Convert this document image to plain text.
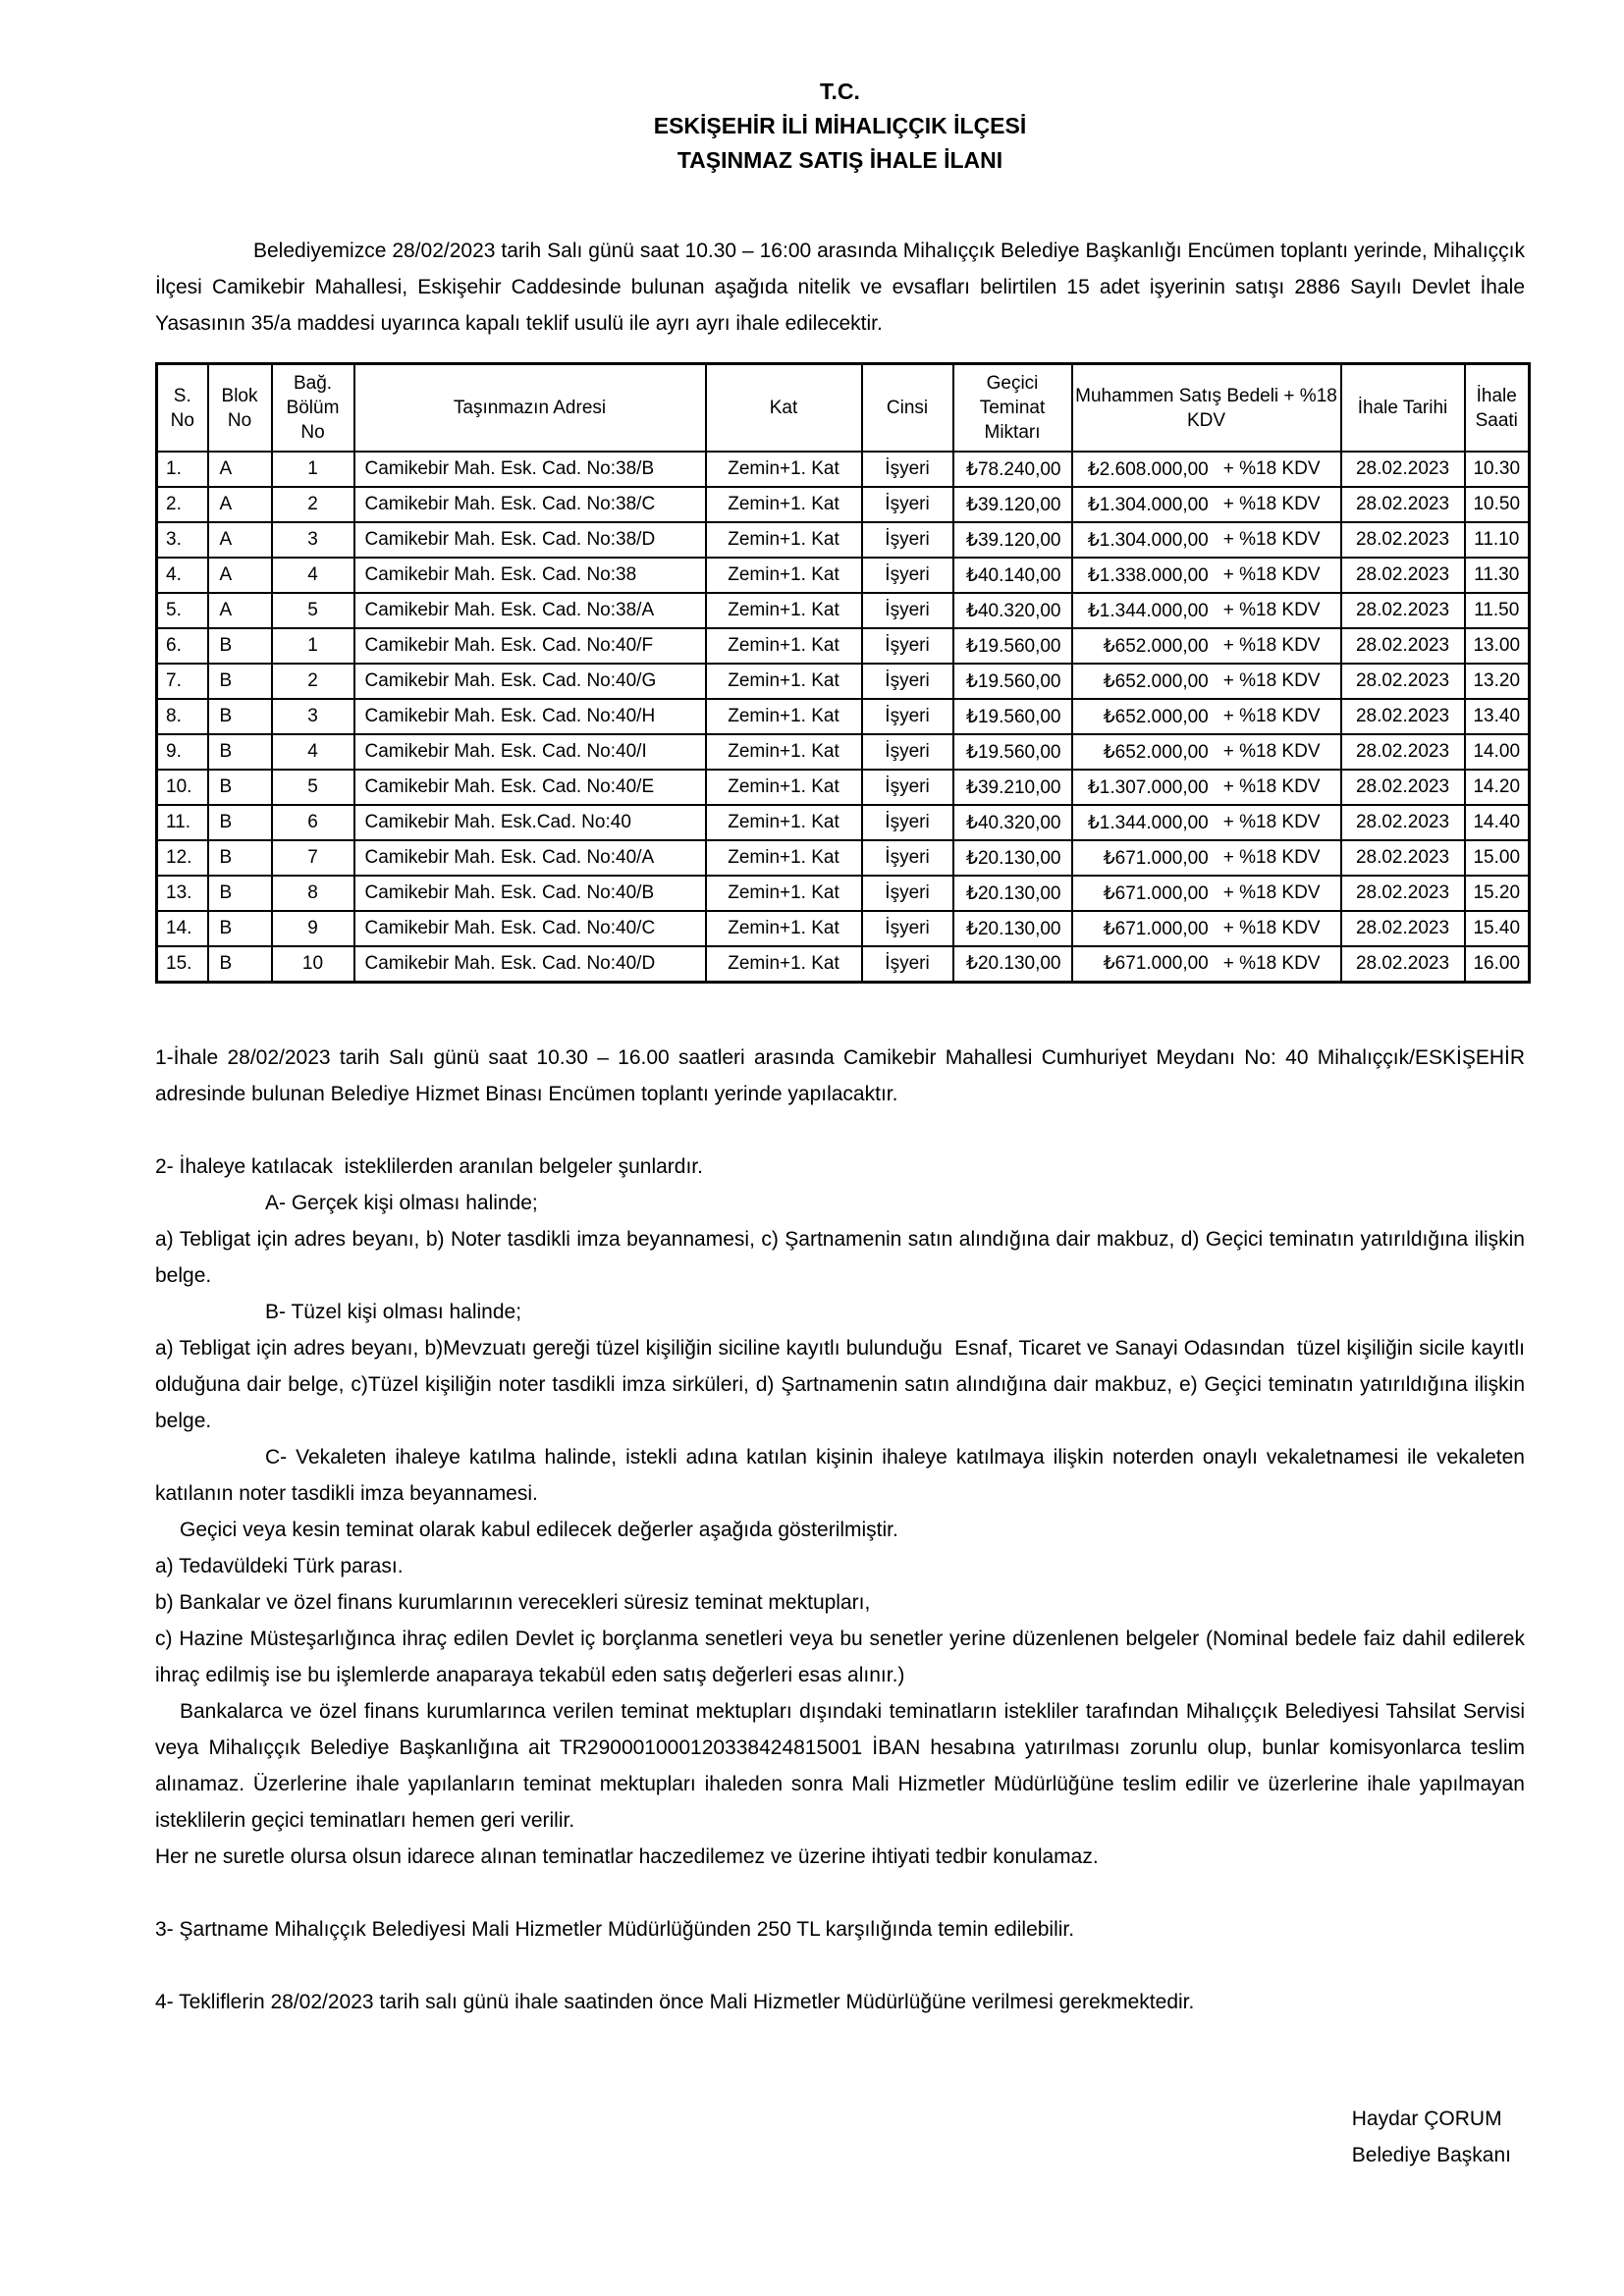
T.C.
ESKİŞEHİR İLİ MİHALIÇÇIK İLÇESİ
TAŞINMAZ SATIŞ İHALE İLANI

Belediyemizce 28/02/2023 tarih Salı günü saat 10.30 – 16:00 arasında Mihalıççık Belediye Başkanlığı Encümen toplantı yerinde, Mihalıççık İlçesi Camikebir Mahallesi, Eskişehir Caddesinde bulunan aşağıda nitelik ve evsafları belirtilen 15 adet işyerinin satışı 2886 Sayılı Devlet İhale Yasasının 35/a maddesi uyarınca kapalı teklif usulü ile ayrı ayrı ihale edilecektir.

S. No	Blok No	Bağ. Bölüm No	Taşınmazın Adresi	Kat	Cinsi	Geçici Teminat Miktarı	Muhammen Satış Bedeli + %18 KDV	İhale Tarihi	İhale Saati
1.	A	1	Camikebir Mah. Esk. Cad. No:38/B	Zemin+1. Kat	İşyeri	₺78.240,00	₺2.608.000,00 + %18 KDV	28.02.2023	10.30
2.	A	2	Camikebir Mah. Esk. Cad. No:38/C	Zemin+1. Kat	İşyeri	₺39.120,00	₺1.304.000,00 + %18 KDV	28.02.2023	10.50
3.	A	3	Camikebir Mah. Esk. Cad. No:38/D	Zemin+1. Kat	İşyeri	₺39.120,00	₺1.304.000,00 + %18 KDV	28.02.2023	11.10
4.	A	4	Camikebir Mah. Esk. Cad. No:38	Zemin+1. Kat	İşyeri	₺40.140,00	₺1.338.000,00 + %18 KDV	28.02.2023	11.30
5.	A	5	Camikebir Mah. Esk. Cad. No:38/A	Zemin+1. Kat	İşyeri	₺40.320,00	₺1.344.000,00 + %18 KDV	28.02.2023	11.50
6.	B	1	Camikebir Mah. Esk. Cad. No:40/F	Zemin+1. Kat	İşyeri	₺19.560,00	₺652.000,00 + %18 KDV	28.02.2023	13.00
7.	B	2	Camikebir Mah. Esk. Cad. No:40/G	Zemin+1. Kat	İşyeri	₺19.560,00	₺652.000,00 + %18 KDV	28.02.2023	13.20
8.	B	3	Camikebir Mah. Esk. Cad. No:40/H	Zemin+1. Kat	İşyeri	₺19.560,00	₺652.000,00 + %18 KDV	28.02.2023	13.40
9.	B	4	Camikebir Mah. Esk. Cad. No:40/I	Zemin+1. Kat	İşyeri	₺19.560,00	₺652.000,00 + %18 KDV	28.02.2023	14.00
10.	B	5	Camikebir Mah. Esk. Cad. No:40/E	Zemin+1. Kat	İşyeri	₺39.210,00	₺1.307.000,00 + %18 KDV	28.02.2023	14.20
11.	B	6	Camikebir Mah. Esk.Cad. No:40	Zemin+1. Kat	İşyeri	₺40.320,00	₺1.344.000,00 + %18 KDV	28.02.2023	14.40
12.	B	7	Camikebir Mah. Esk. Cad. No:40/A	Zemin+1. Kat	İşyeri	₺20.130,00	₺671.000,00 + %18 KDV	28.02.2023	15.00
13.	B	8	Camikebir Mah. Esk. Cad. No:40/B	Zemin+1. Kat	İşyeri	₺20.130,00	₺671.000,00 + %18 KDV	28.02.2023	15.20
14.	B	9	Camikebir Mah. Esk. Cad. No:40/C	Zemin+1. Kat	İşyeri	₺20.130,00	₺671.000,00 + %18 KDV	28.02.2023	15.40
15.	B	10	Camikebir Mah. Esk. Cad. No:40/D	Zemin+1. Kat	İşyeri	₺20.130,00	₺671.000,00 + %18 KDV	28.02.2023	16.00
1-İhale 28/02/2023 tarih Salı günü saat 10.30 – 16.00 saatleri arasında Camikebir Mahallesi Cumhuriyet Meydanı No: 40 Mihalıççık/ESKİŞEHİR adresinde bulunan Belediye Hizmet Binası Encümen toplantı yerinde yapılacaktır.
2- İhaleye katılacak  isteklilerden aranılan belgeler şunlardır.
A- Gerçek kişi olması halinde;
a) Tebligat için adres beyanı, b) Noter tasdikli imza beyannamesi, c) Şartnamenin satın alındığına dair makbuz, d) Geçici teminatın yatırıldığına ilişkin belge.
B- Tüzel kişi olması halinde;
a) Tebligat için adres beyanı, b)Mevzuatı gereği tüzel kişiliğin siciline kayıtlı bulunduğu  Esnaf, Ticaret ve Sanayi Odasından  tüzel kişiliğin sicile kayıtlı olduğuna dair belge, c)Tüzel kişiliğin noter tasdikli imza sirküleri, d) Şartnamenin satın alındığına dair makbuz, e) Geçici teminatın yatırıldığına ilişkin belge.
C- Vekaleten ihaleye katılma halinde, istekli adına katılan kişinin ihaleye katılmaya ilişkin noterden onaylı vekaletnamesi ile vekaleten katılanın noter tasdikli imza beyannamesi.
Geçici veya kesin teminat olarak kabul edilecek değerler aşağıda gösterilmiştir.
a) Tedavüldeki Türk parası.
b) Bankalar ve özel finans kurumlarının verecekleri süresiz teminat mektupları,
c) Hazine Müsteşarlığınca ihraç edilen Devlet iç borçlanma senetleri veya bu senetler yerine düzenlenen belgeler (Nominal bedele faiz dahil edilerek ihraç edilmiş ise bu işlemlerde anaparaya tekabül eden satış değerleri esas alınır.)
Bankalarca ve özel finans kurumlarınca verilen teminat mektupları dışındaki teminatların istekliler tarafından Mihalıççık Belediyesi Tahsilat Servisi veya Mihalıççık Belediye Başkanlığına ait TR290001000120338424815001 İBAN hesabına yatırılması zorunlu olup, bunlar komisyonlarca teslim alınamaz. Üzerlerine ihale yapılanların teminat mektupları ihaleden sonra Mali Hizmetler Müdürlüğüne teslim edilir ve üzerlerine ihale yapılmayan isteklilerin geçici teminatları hemen geri verilir.
Her ne suretle olursa olsun idarece alınan teminatlar haczedilemez ve üzerine ihtiyati tedbir konulamaz.
3- Şartname Mihalıççık Belediyesi Mali Hizmetler Müdürlüğünden 250 TL karşılığında temin edilebilir.
4- Tekliflerin 28/02/2023 tarih salı günü ihale saatinden önce Mali Hizmetler Müdürlüğüne verilmesi gerekmektedir.
Haydar ÇORUM
Belediye Başkanı
